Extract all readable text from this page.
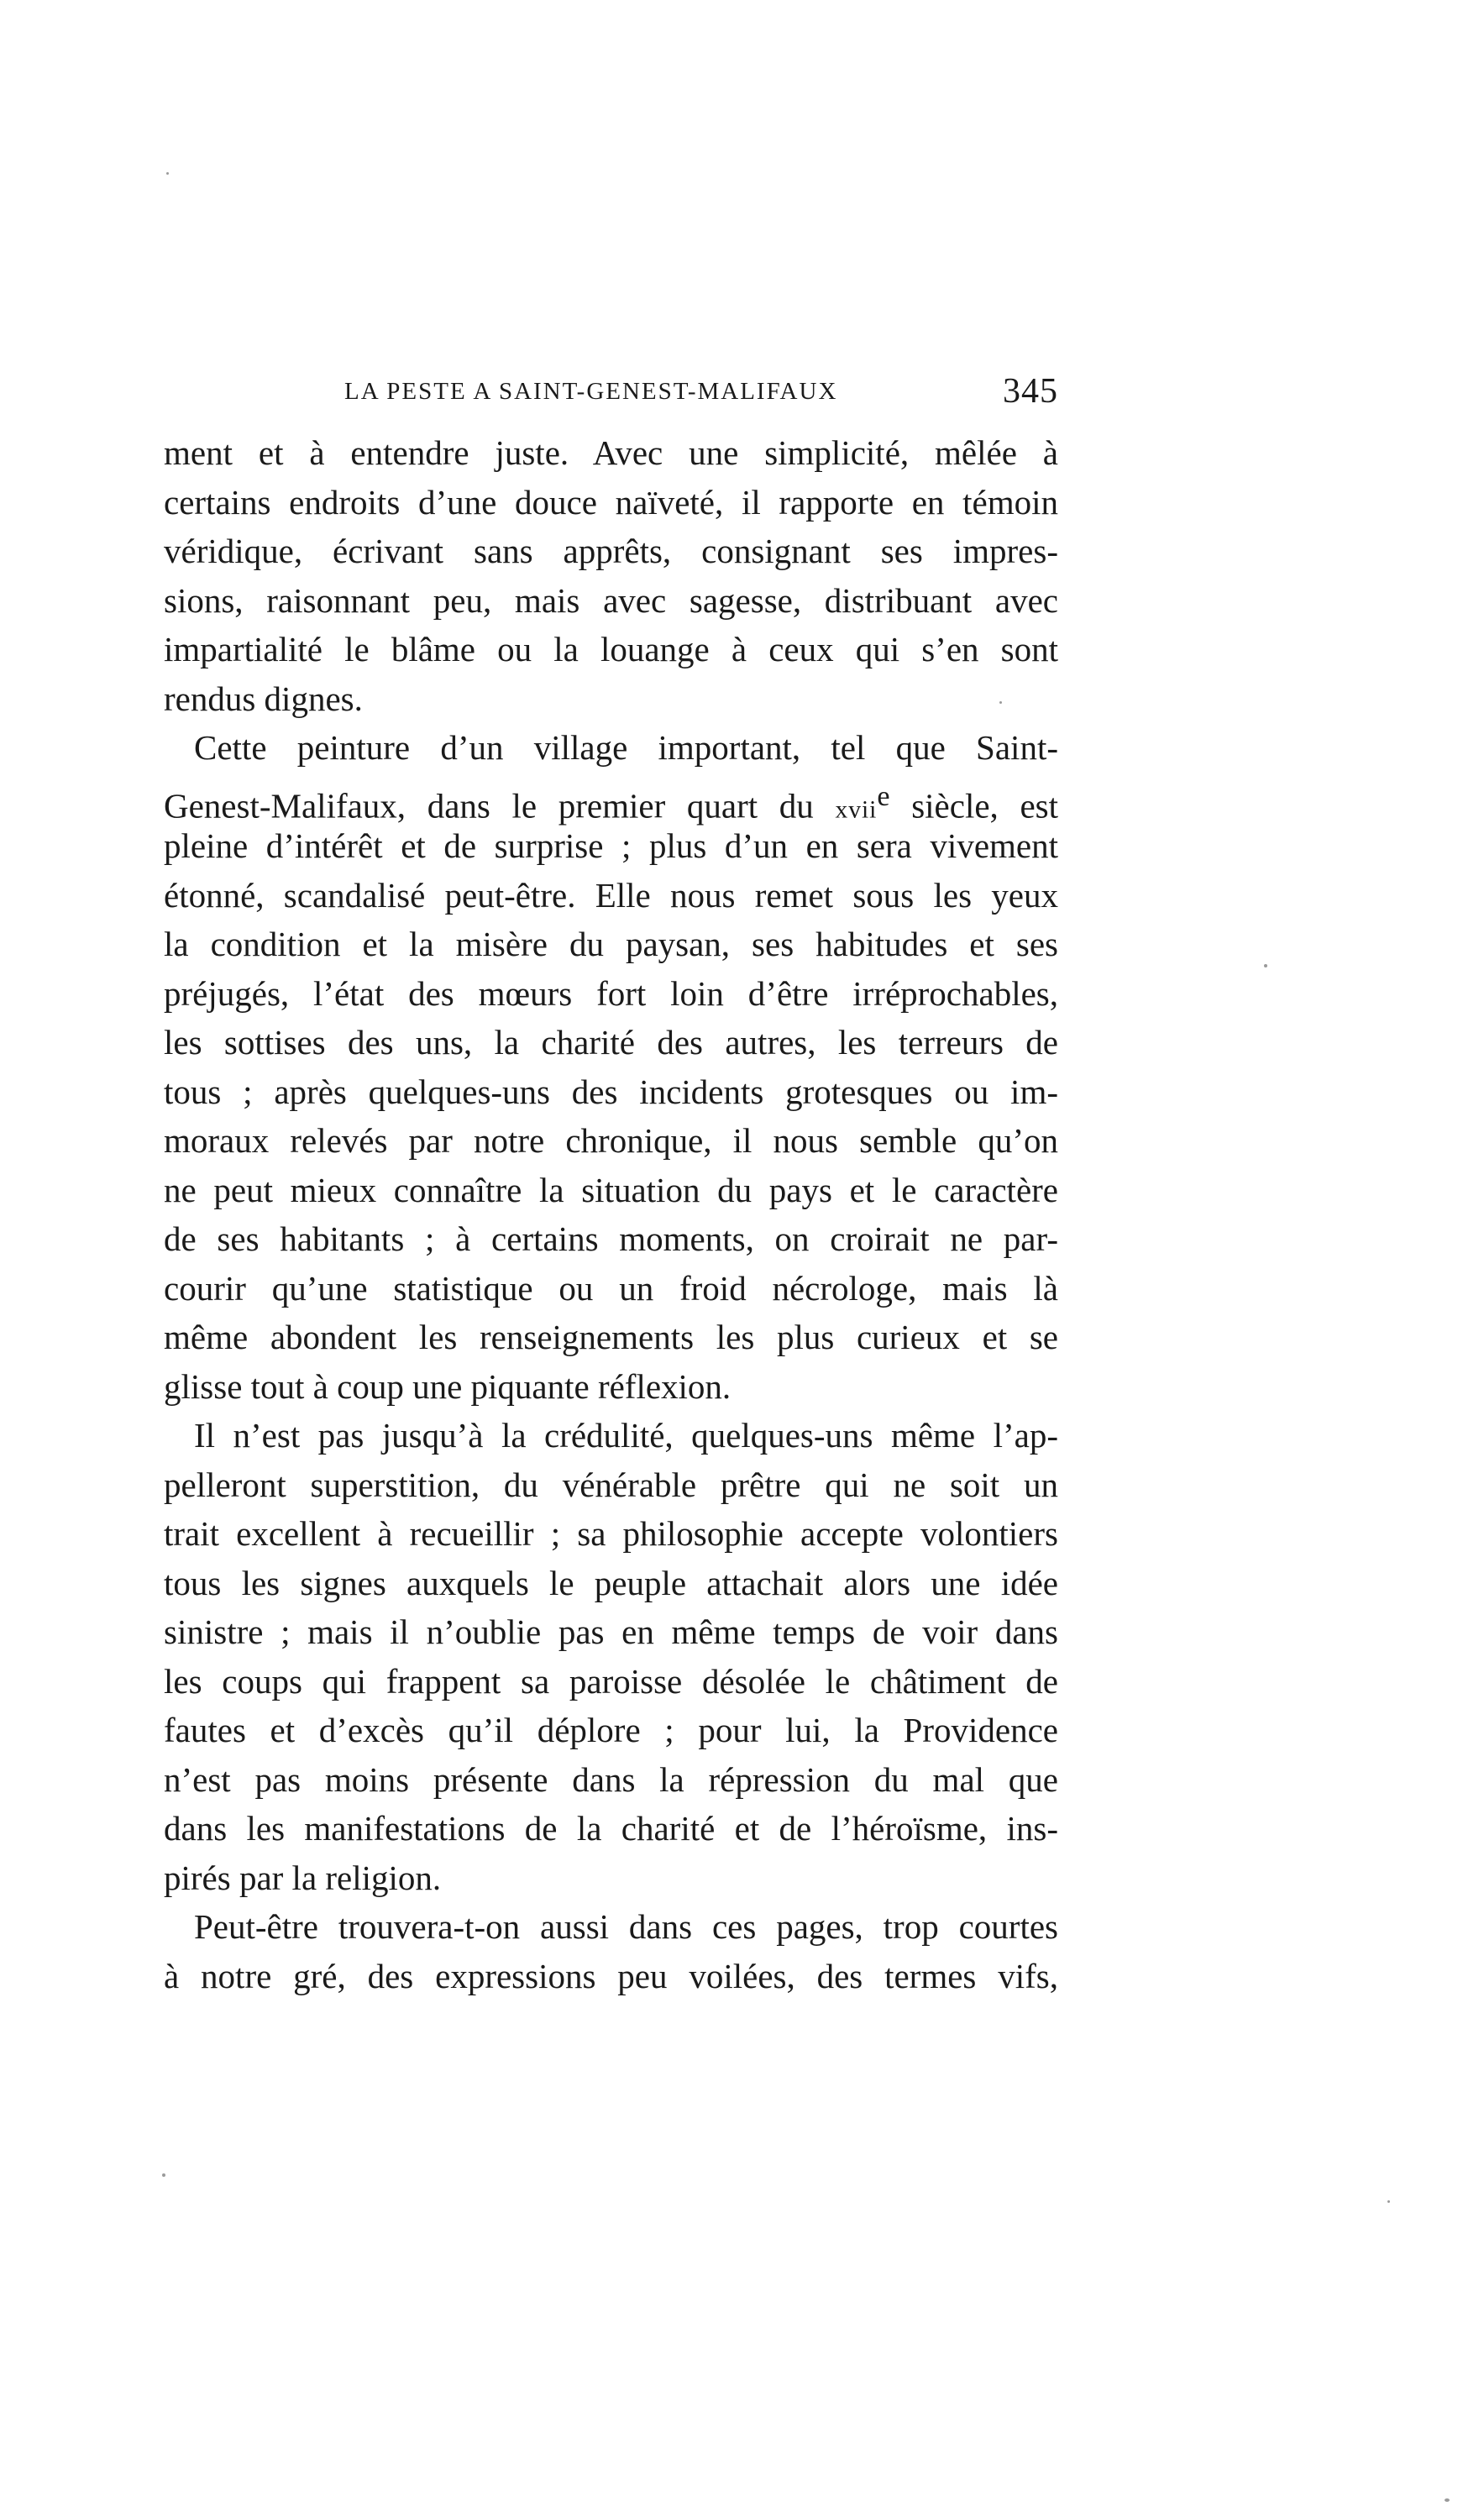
LA PESTE A SAINT-GENEST-MALIFAUX	345
ment et à entendre juste. Avec une simplicité, mêlée à
certains endroits d’une douce naïveté, il rapporte en témoin
véridique, écrivant sans apprêts, consignant ses impres-
sions, raisonnant peu, mais avec sagesse, distribuant avec
impartialité le blâme ou la louange à ceux qui s’en sont
rendus dignes.
Cette peinture d’un village important, tel que Saint-
Genest-Malifaux, dans le premier quart du xvii$^e$ siècle, est
pleine d’intérêt et de surprise ; plus d’un en sera vivement
étonné, scandalisé peut-être. Elle nous remet sous les yeux
la condition et la misère du paysan, ses habitudes et ses
préjugés, l’état des mœurs fort loin d’être irréprochables,
les sottises des uns, la charité des autres, les terreurs de
tous ; après quelques-uns des incidents grotesques ou im-
moraux relevés par notre chronique, il nous semble qu’on
ne peut mieux connaître la situation du pays et le caractère
de ses habitants ; à certains moments, on croirait ne par-
courir qu’une statistique ou un froid nécrologe, mais là
même abondent les renseignements les plus curieux et se
glisse tout à coup une piquante réflexion.
Il n’est pas jusqu’à la crédulité, quelques-uns même l’ap-
pelleront superstition, du vénérable prêtre qui ne soit un
trait excellent à recueillir ; sa philosophie accepte volontiers
tous les signes auxquels le peuple attachait alors une idée
sinistre ; mais il n’oublie pas en même temps de voir dans
les coups qui frappent sa paroisse désolée le châtiment de
fautes et d’excès qu’il déplore ; pour lui, la Providence
n’est pas moins présente dans la répression du mal que
dans les manifestations de la charité et de l’héroïsme, ins-
pirés par la religion.
Peut-être trouvera-t-on aussi dans ces pages, trop courtes
à notre gré, des expressions peu voilées, des termes vifs,
